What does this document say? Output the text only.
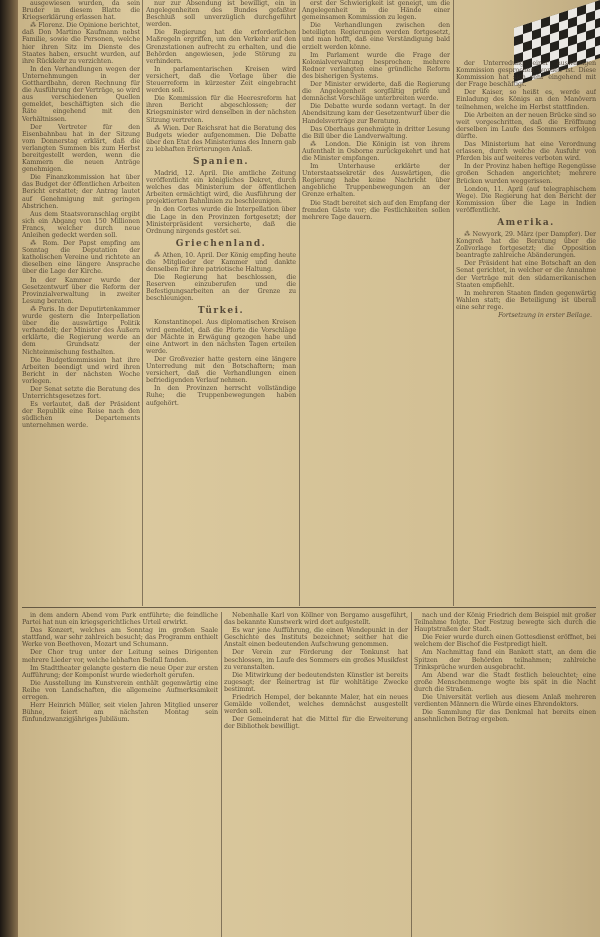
ausgewiesen wurden, da sein Bruder in diesem Blatte die Kriegserklärung erlassen hat.

⁂ Florenz. Die Opinione berichtet, daß Don Martino Kaufmann nebst Familie, sowie die Personen, welche hier ihren Sitz im Dienste des Staates haben, ersucht wurden, auf ihre Rückkehr zu verzichten.

In den Verhandlungen wegen der Unternehmungen in der Gotthardbahn, deren Rechnung für die Ausführung der Verträge, so wird aus verschiedenen Quellen gemeldet, beschäftigten sich die Räte eingehend mit den Verhältnissen.

Der Vertreter für den Eisenbahnbau hat in der Sitzung vom Donnerstag erklärt, daß die verlangten Summen bis zum Herbst bereitgestellt werden, wenn die Kammern die neuen Anträge genehmigen.

Die Finanzkommission hat über das Budget der öffentlichen Arbeiten Bericht erstattet; der Antrag lautet auf Genehmigung mit geringen Abstrichen.

Aus dem Staatsvoranschlag ergibt sich ein Abgang von 150 Millionen Francs, welcher durch neue Anleihen gedeckt werden soll.

⁂ Rom. Der Papst empfing am Sonntag die Deputation der katholischen Vereine und richtete an dieselben eine längere Ansprache über die Lage der Kirche.

In der Kammer wurde der Gesetzentwurf über die Reform der Provinzialverwaltung in zweiter Lesung beraten.

⁂ Paris. In der Deputirtenkammer wurde gestern die Interpellation über die auswärtige Politik verhandelt; der Minister des Äußern erklärte, die Regierung werde an dem Grundsatz der Nichteinmischung festhalten.

Die Budgetkommission hat ihre Arbeiten beendigt und wird ihren Bericht in der nächsten Woche vorlegen.

Der Senat setzte die Beratung des Unterrichtsgesetzes fort.

Es verlautet, daß der Präsident der Republik eine Reise nach den südlichen Departements unternehmen werde.

nur zur Absendung ist bewilligt, ein in Angelegenheiten des Bundes gefaßter Beschluß soll unverzüglich durchgeführt werden.

Die Regierung hat die erforderlichen Maßregeln ergriffen, um den Verkehr auf den Grenzstationen aufrecht zu erhalten, und die Behörden angewiesen, jede Störung zu verhindern.

In parlamentarischen Kreisen wird versichert, daß die Vorlage über die Steuerreform in kürzester Zeit eingebracht werden soll.

Die Kommission für die Heeresreform hat ihren Bericht abgeschlossen; der Kriegsminister wird denselben in der nächsten Sitzung vertreten.

⁂ Wien. Der Reichsrat hat die Beratung des Budgets wieder aufgenommen. Die Debatte über den Etat des Ministeriums des Innern gab zu lebhaften Erörterungen Anlaß.

Spanien.

Madrid, 12. April. Die amtliche Zeitung veröffentlicht ein königliches Dekret, durch welches das Ministerium der öffentlichen Arbeiten ermächtigt wird, die Ausführung der projektierten Bahnlinien zu beschleunigen.

In den Cortes wurde die Interpellation über die Lage in den Provinzen fortgesetzt; der Ministerpräsident versicherte, daß die Ordnung nirgends gestört sei.

Griechenland.

⁂ Athen, 10. April. Der König empfing heute die Mitglieder der Kammer und dankte denselben für ihre patriotische Haltung.

Die Regierung hat beschlossen, die Reserven einzuberufen und die Befestigungsarbeiten an der Grenze zu beschleunigen.

Türkei.

Konstantinopel. Aus diplomatischen Kreisen wird gemeldet, daß die Pforte die Vorschläge der Mächte in Erwägung gezogen habe und eine Antwort in den nächsten Tagen erteilen werde.

Der Großvezier hatte gestern eine längere Unterredung mit den Botschaftern; man versichert, daß die Verhandlungen einen befriedigenden Verlauf nehmen.

In den Provinzen herrscht vollständige Ruhe; die Truppenbewegungen haben aufgehört.

erst der Schwierigkeit ist geneigt, um die Angelegenheit in die Hände einer gemeinsamen Kommission zu legen.

Die Verhandlungen zwischen den beteiligten Regierungen werden fortgesetzt, und man hofft, daß eine Verständigung bald erzielt werden könne.

Im Parlament wurde die Frage der Kolonialverwaltung besprochen; mehrere Redner verlangten eine gründliche Reform des bisherigen Systems.

Der Minister erwiderte, daß die Regierung die Angelegenheit sorgfältig prüfe und demnächst Vorschläge unterbreiten werde.

Die Debatte wurde sodann vertagt. In der Abendsitzung kam der Gesetzentwurf über die Handelsverträge zur Beratung.

Das Oberhaus genehmigte in dritter Lesung die Bill über die Landverwaltung.

⁂ London. Die Königin ist von ihrem Aufenthalt in Osborne zurückgekehrt und hat die Minister empfangen.

Im Unterhause erklärte der Unterstaatssekretär des Auswärtigen, die Regierung habe keine Nachricht über angebliche Truppenbewegungen an der Grenze erhalten.

Die Stadt bereitet sich auf den Empfang der fremden Gäste vor; die Festlichkeiten sollen mehrere Tage dauern.

der Unterredung einer auswärtigen Kommission gesprochen worden ist. Diese Kommission hat sich sehr eingehend mit der Frage beschäftigt.

Der Kaiser, so heißt es, werde auf Einladung des Königs an den Manövern teilnehmen, welche im Herbst stattfinden.

Die Arbeiten an der neuen Brücke sind so weit vorgeschritten, daß die Eröffnung derselben im Laufe des Sommers erfolgen dürfte.

Das Ministerium hat eine Verordnung erlassen, durch welche die Ausfuhr von Pferden bis auf weiteres verboten wird.

In der Provinz haben heftige Regengüsse großen Schaden angerichtet; mehrere Brücken wurden weggerissen.

London, 11. April (auf telegraphischem Wege). Die Regierung hat den Bericht der Kommission über die Lage in Indien veröffentlicht.

Amerika.

⁂ Newyork, 29. März (per Dampfer). Der Kongreß hat die Beratung über die Zollvorlage fortgesetzt; die Opposition beantragte zahlreiche Abänderungen.

Der Präsident hat eine Botschaft an den Senat gerichtet, in welcher er die Annahme der Verträge mit den südamerikanischen Staaten empfiehlt.

In mehreren Staaten finden gegenwärtig Wahlen statt; die Beteiligung ist überall eine sehr rege.

Fortsetzung in erster Beilage.

in dem andern Abend vom Park entführte; die feindliche Partei hat nun ein kriegsgerichtliches Urteil erwirkt.

Das Konzert, welches am Sonntag im großen Saale stattfand, war sehr zahlreich besucht; das Programm enthielt Werke von Beethoven, Mozart und Schumann.

Der Chor trug unter der Leitung seines Dirigenten mehrere Lieder vor, welche lebhaften Beifall fanden.

Im Stadttheater gelangte gestern die neue Oper zur ersten Aufführung; der Komponist wurde wiederholt gerufen.

Die Ausstellung im Kunstverein enthält gegenwärtig eine Reihe von Landschaften, die allgemeine Aufmerksamkeit erregen.

Herr Heinrich Müller, seit vielen Jahren Mitglied unserer Bühne, feiert am nächsten Montag sein fünfundzwanzigjähriges Jubiläum.

Nebenhalle Karl von Köllner von Bergamo ausgeführt, das bekannte Kunstwerk wird dort aufgestellt.

Es war jene Aufführung, die einen Wendepunkt in der Geschichte des Instituts bezeichnet; seither hat die Anstalt einen bedeutenden Aufschwung genommen.

Der Verein zur Förderung der Tonkunst hat beschlossen, im Laufe des Sommers ein großes Musikfest zu veranstalten.

Die Mitwirkung der bedeutendsten Künstler ist bereits zugesagt; der Reinertrag ist für wohltätige Zwecke bestimmt.

Friedrich Hempel, der bekannte Maler, hat ein neues Gemälde vollendet, welches demnächst ausgestellt werden soll.

Der Gemeinderat hat die Mittel für die Erweiterung der Bibliothek bewilligt.

nach und der König Friedrich dem Beispiel mit großer Teilnahme folgte. Der Festzug bewegte sich durch die Hauptstraßen der Stadt.

Die Feier wurde durch einen Gottesdienst eröffnet, bei welchem der Bischof die Festpredigt hielt.

Am Nachmittag fand ein Bankett statt, an dem die Spitzen der Behörden teilnahmen; zahlreiche Trinksprüche wurden ausgebracht.

Am Abend war die Stadt festlich beleuchtet; eine große Menschenmenge wogte bis spät in die Nacht durch die Straßen.

Die Universität verlieh aus diesem Anlaß mehreren verdienten Männern die Würde eines Ehrendoktors.

Die Sammlung für das Denkmal hat bereits einen ansehnlichen Betrag ergeben.
